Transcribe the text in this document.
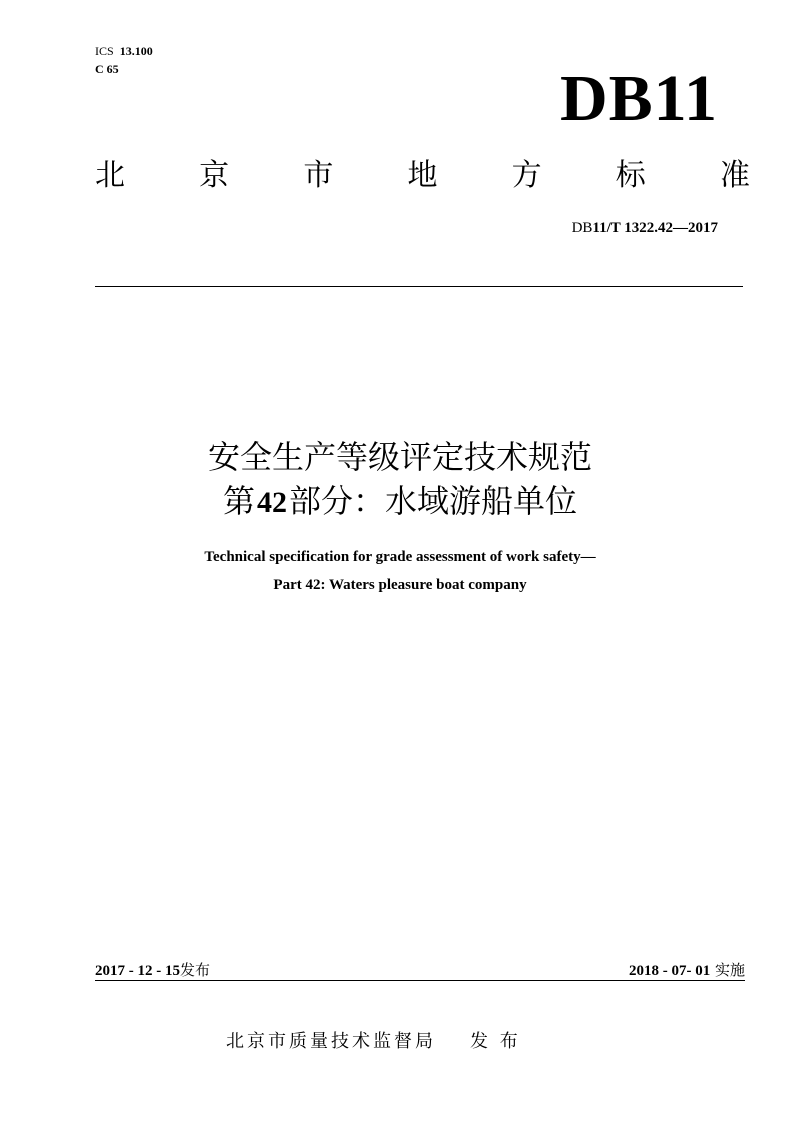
ICS 13.100
C 65	DB11
北 京 市 地 方 标 准
DB11/T 1322.42—2017
安全生产等级评定技术规范
第42部分：水域游船单位
Technical specification for grade assessment of work safety—
Part 42: Waters pleasure boat company
2017 - 12 - 15发布	2018 - 07- 01 实施
北京市质量技术监督局 发 布
